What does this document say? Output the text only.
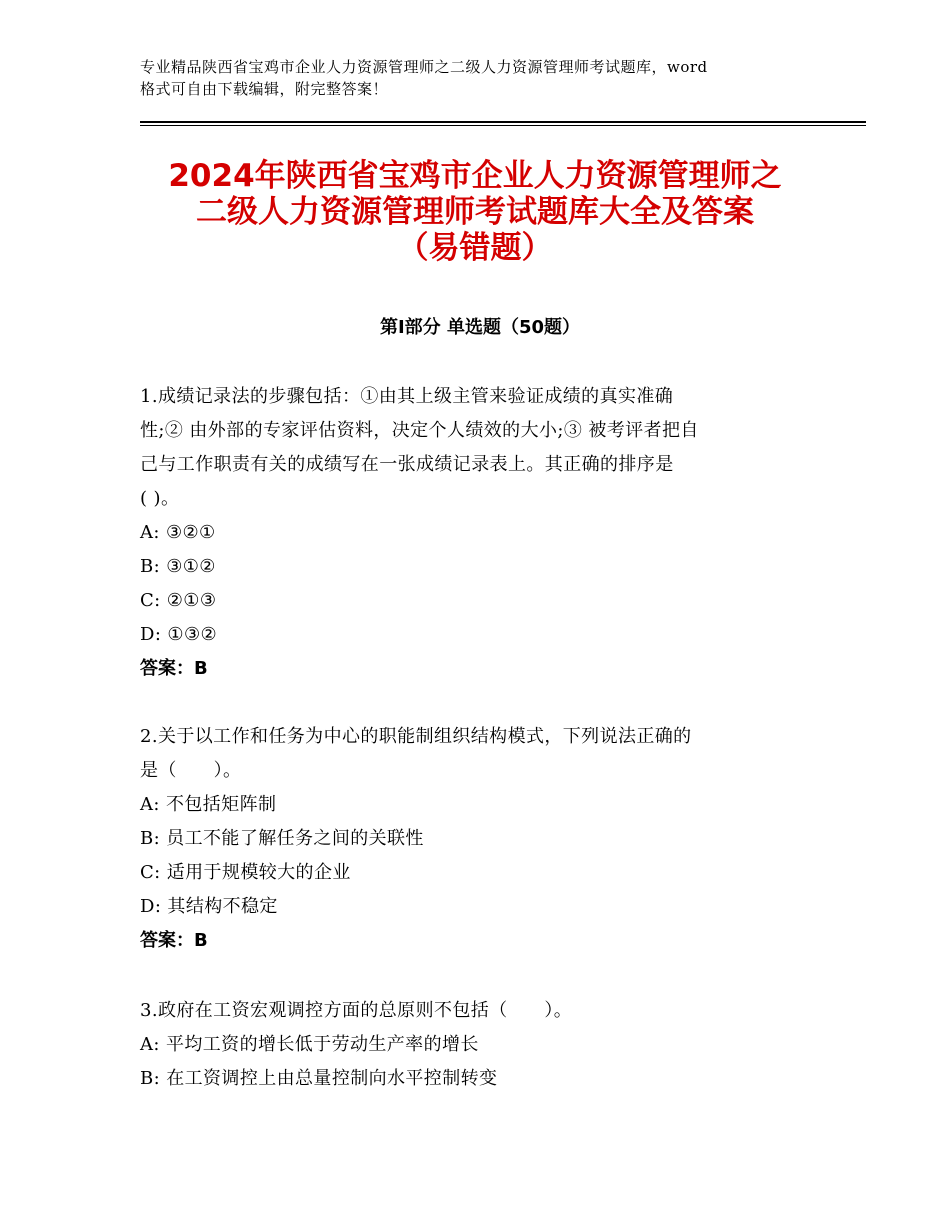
专业精品陕西省宝鸡市企业人力资源管理师之二级人力资源管理师考试题库，word
格式可自由下载编辑，附完整答案！
2024年陕西省宝鸡市企业人力资源管理师之
二级人力资源管理师考试题库大全及答案
（易错题）
第Ⅰ部分 单选题（50题）
1.成绩记录法的步骤包括：①由其上级主管来验证成绩的真实准确
性;② 由外部的专家评估资料，决定个人绩效的大小;③ 被考评者把自
己与工作职责有关的成绩写在一张成绩记录表上。其正确的排序是
( )。
A: ③②①
B: ③①②
C: ②①③
D: ①③②
答案：B
2.关于以工作和任务为中心的职能制组织结构模式，下列说法正确的
是（　　）。
A: 不包括矩阵制
B: 员工不能了解任务之间的关联性
C: 适用于规模较大的企业
D: 其结构不稳定
答案：B
3.政府在工资宏观调控方面的总原则不包括（　　）。
A: 平均工资的增长低于劳动生产率的增长
B: 在工资调控上由总量控制向水平控制转变
